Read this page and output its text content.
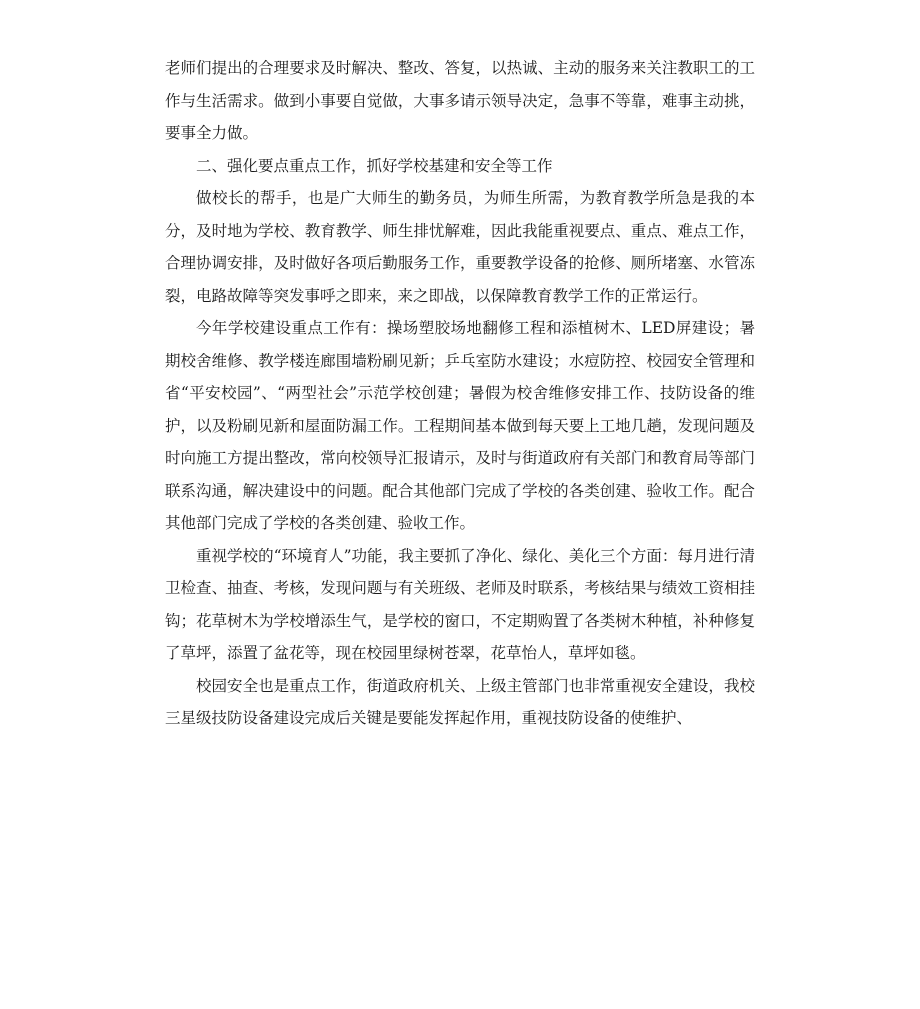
老师们提出的合理要求及时解决、整改、答复，以热诚、主动的服务来关注教职工的工作与生活需求。做到小事要自觉做，大事多请示领导决定，急事不等靠，难事主动挑，要事全力做。

二、强化要点重点工作，抓好学校基建和安全等工作

做校长的帮手，也是广大师生的勤务员，为师生所需，为教育教学所急是我的本分，及时地为学校、教育教学、师生排忧解难，因此我能重视要点、重点、难点工作，合理协调安排，及时做好各项后勤服务工作，重要教学设备的抢修、厕所堵塞、水管冻裂，电路故障等突发事呼之即来，来之即战，以保障教育教学工作的正常运行。

今年学校建设重点工作有：操场塑胶场地翻修工程和添植树木、LED屏建设；暑期校舍维修、教学楼连廊围墙粉刷见新；乒乓室防水建设；水痘防控、校园安全管理和省“平安校园”、“两型社会”示范学校创建；暑假为校舍维修安排工作、技防设备的维护，以及粉刷见新和屋面防漏工作。工程期间基本做到每天要上工地几趟，发现问题及时向施工方提出整改，常向校领导汇报请示，及时与街道政府有关部门和教育局等部门联系沟通，解决建设中的问题。配合其他部门完成了学校的各类创建、验收工作。配合其他部门完成了学校的各类创建、验收工作。

重视学校的“环境育人”功能，我主要抓了净化、绿化、美化三个方面：每月进行清卫检查、抽查、考核，发现问题与有关班级、老师及时联系，考核结果与绩效工资相挂钩；花草树木为学校增添生气，是学校的窗口，不定期购置了各类树木种植，补种修复了草坪，添置了盆花等，现在校园里绿树苍翠，花草怡人，草坪如毯。

校园安全也是重点工作，街道政府机关、上级主管部门也非常重视安全建设，我校三星级技防设备建设完成后关键是要能发挥起作用，重视技防设备的使维护、
